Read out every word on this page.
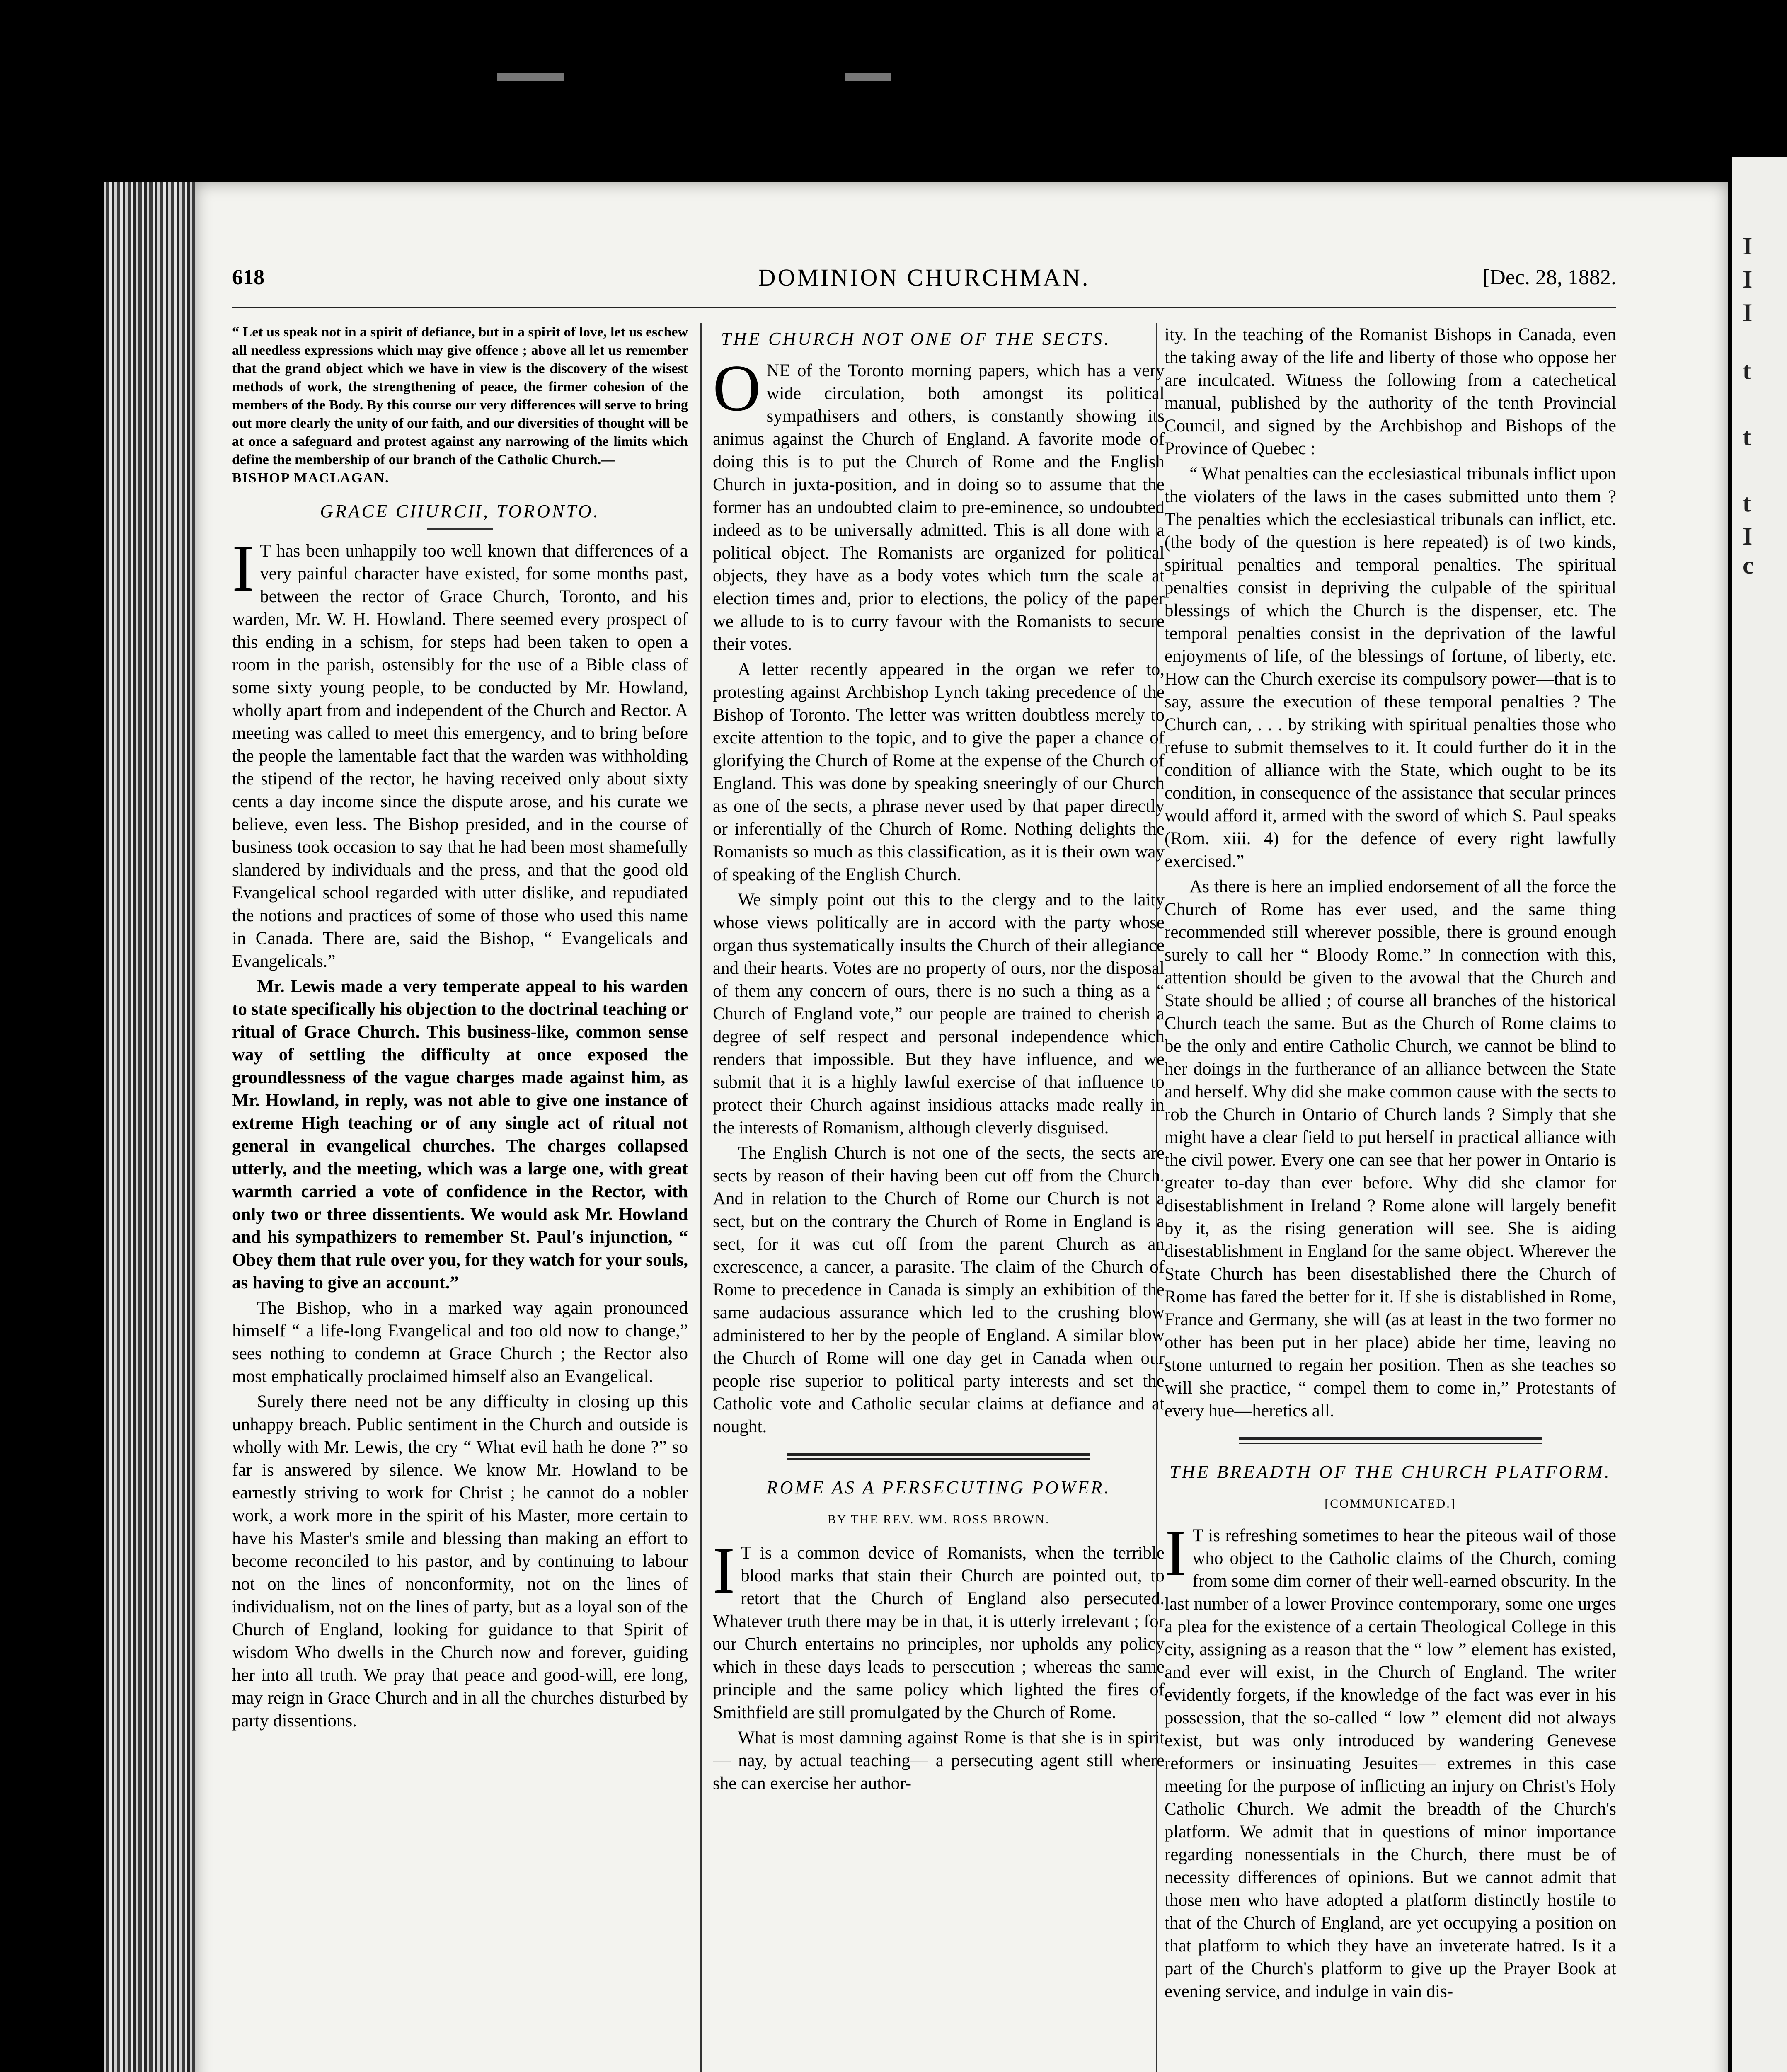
I
I
I
t
t
t
I
c
618	DOMINION CHURCHMAN.	[Dec. 28, 1882.
“ Let us speak not in a spirit of defiance, but in a spirit of love, let us eschew all needless expressions which may give offence ; above all let us remember that the grand object which we have in view is the discovery of the wisest methods of work, the strengthening of peace, the firmer cohesion of the members of the Body. By this course our very differences will serve to bring out more clearly the unity of our faith, and our diversities of thought will be at once a safeguard and protest against any narrowing of the limits which define the membership of our branch of the Catholic Church.—
BISHOP MACLAGAN.
GRACE CHURCH, TORONTO.

I T has been unhappily too well known that differences of a very painful character have existed, for some months past, between the rector of Grace Church, Toronto, and his warden, Mr. W. H. Howland. There seemed every prospect of this ending in a schism, for steps had been taken to open a room in the parish, ostensibly for the use of a Bible class of some sixty young people, to be conducted by Mr. Howland, wholly apart from and independent of the Church and Rector. A meeting was called to meet this emergency, and to bring before the people the lamentable fact that the warden was withholding the stipend of the rector, he having received only about sixty cents a day income since the dispute arose, and his curate we believe, even less. The Bishop presided, and in the course of business took occasion to say that he had been most shamefully slandered by individuals and the press, and that the good old Evangelical school regarded with utter dislike, and repudiated the notions and practices of some of those who used this name in Canada. There are, said the Bishop, “ Evangelicals and Evangelicals.”

Mr. Lewis made a very temperate appeal to his warden to state specifically his objection to the doctrinal teaching or ritual of Grace Church. This business-like, common sense way of settling the difficulty at once exposed the groundlessness of the vague charges made against him, as Mr. Howland, in reply, was not able to give one instance of extreme High teaching or of any single act of ritual not general in evangelical churches. The charges collapsed utterly, and the meeting, which was a large one, with great warmth carried a vote of confidence in the Rector, with only two or three dissentients. We would ask Mr. Howland and his sympathizers to remember St. Paul's injunction, “ Obey them that rule over you, for they watch for your souls, as having to give an account.”

The Bishop, who in a marked way again pronounced himself “ a life-long Evangelical and too old now to change,” sees nothing to condemn at Grace Church ; the Rector also most emphatically proclaimed himself also an Evangelical.

Surely there need not be any difficulty in closing up this unhappy breach. Public sentiment in the Church and outside is wholly with Mr. Lewis, the cry “ What evil hath he done ?” so far is answered by silence. We know Mr. Howland to be earnestly striving to work for Christ ; he cannot do a nobler work, a work more in the spirit of his Master, more certain to have his Master's smile and blessing than making an effort to become reconciled to his pastor, and by continuing to labour not on the lines of nonconformity, not on the lines of individualism, not on the lines of party, but as a loyal son of the Church of England, looking for guidance to that Spirit of wisdom Who dwells in the Church now and forever, guiding her into all truth. We pray that peace and good-will, ere long, may reign in Grace Church and in all the churches disturbed by party dissentions.

THE CHURCH NOT ONE OF THE SECTS.

ONE of the Toronto morning papers, which has a very wide circulation, both amongst its political sympathisers and others, is constantly showing its animus against the Church of England. A favorite mode of doing this is to put the Church of Rome and the English Church in juxta-position, and in doing so to assume that the former has an undoubted claim to pre-eminence, so undoubted indeed as to be universally admitted. This is all done with a political object. The Romanists are organized for political objects, they have as a body votes which turn the scale at election times and, prior to elections, the policy of the paper we allude to is to curry favour with the Romanists to secure their votes.

A letter recently appeared in the organ we refer to, protesting against Archbishop Lynch taking precedence of the Bishop of Toronto. The letter was written doubtless merely to excite attention to the topic, and to give the paper a chance of glorifying the Church of Rome at the expense of the Church of England. This was done by speaking sneeringly of our Church as one of the sects, a phrase never used by that paper directly or inferentially of the Church of Rome. Nothing delights the Romanists so much as this classification, as it is their own way of speaking of the English Church.

We simply point out this to the clergy and to the laity whose views politically are in accord with the party whose organ thus systematically insults the Church of their allegiance and their hearts. Votes are no property of ours, nor the disposal of them any concern of ours, there is no such a thing as a “ Church of England vote,” our people are trained to cherish a degree of self respect and personal independence which renders that impossible. But they have influence, and we submit that it is a highly lawful exercise of that influence to protect their Church against insidious attacks made really in the interests of Romanism, although cleverly disguised.

The English Church is not one of the sects, the sects are sects by reason of their having been cut off from the Church. And in relation to the Church of Rome our Church is not a sect, but on the contrary the Church of Rome in England is a sect, for it was cut off from the parent Church as an excrescence, a cancer, a parasite. The claim of the Church of Rome to precedence in Canada is simply an exhibition of the same audacious assurance which led to the crushing blow administered to her by the people of England. A similar blow the Church of Rome will one day get in Canada when our people rise superior to political party interests and set the Catholic vote and Catholic secular claims at defiance and at nought.

ROME AS A PERSECUTING POWER.
BY THE REV. WM. ROSS BROWN.

I T is a common device of Romanists, when the terrible blood marks that stain their Church are pointed out, to retort that the Church of England also persecuted. Whatever truth there may be in that, it is utterly irrelevant ; for our Church entertains no principles, nor upholds any policy which in these days leads to persecution ; whereas the same principle and the same policy which lighted the fires of Smithfield are still promulgated by the Church of Rome.

What is most damning against Rome is that she is in spirit— nay, by actual teaching— a persecuting agent still where she can exercise her author-

ity. In the teaching of the Romanist Bishops in Canada, even the taking away of the life and liberty of those who oppose her are inculcated. Witness the following from a catechetical manual, published by the authority of the tenth Provincial Council, and signed by the Archbishop and Bishops of the Province of Quebec :

“ What penalties can the ecclesiastical tribunals inflict upon the violaters of the laws in the cases submitted unto them ? The penalties which the ecclesiastical tribunals can inflict, etc. (the body of the question is here repeated) is of two kinds, spiritual penalties and temporal penalties. The spiritual penalties consist in depriving the culpable of the spiritual blessings of which the Church is the dispenser, etc. The temporal penalties consist in the deprivation of the lawful enjoyments of life, of the blessings of fortune, of liberty, etc. How can the Church exercise its compulsory power—that is to say, assure the execution of these temporal penalties ? The Church can, . . . by striking with spiritual penalties those who refuse to submit themselves to it. It could further do it in the condition of alliance with the State, which ought to be its condition, in consequence of the assistance that secular princes would afford it, armed with the sword of which S. Paul speaks (Rom. xiii. 4) for the defence of every right lawfully exercised.”

As there is here an implied endorsement of all the force the Church of Rome has ever used, and the same thing recommended still wherever possible, there is ground enough surely to call her “ Bloody Rome.” In connection with this, attention should be given to the avowal that the Church and State should be allied ; of course all branches of the historical Church teach the same. But as the Church of Rome claims to be the only and entire Catholic Church, we cannot be blind to her doings in the furtherance of an alliance between the State and herself. Why did she make common cause with the sects to rob the Church in Ontario of Church lands ? Simply that she might have a clear field to put herself in practical alliance with the civil power. Every one can see that her power in Ontario is greater to-day than ever before. Why did she clamor for disestablishment in Ireland ? Rome alone will largely benefit by it, as the rising generation will see. She is aiding disestablishment in England for the same object. Wherever the State Church has been disestablished there the Church of Rome has fared the better for it. If she is distablished in Rome, France and Germany, she will (as at least in the two former no other has been put in her place) abide her time, leaving no stone unturned to regain her position. Then as she teaches so will she practice, “ compel them to come in,” Protestants of every hue—heretics all.

THE BREADTH OF THE CHURCH PLATFORM.
[COMMUNICATED.]

I T is refreshing sometimes to hear the piteous wail of those who object to the Catholic claims of the Church, coming from some dim corner of their well-earned obscurity. In the last number of a lower Province contemporary, some one urges a plea for the existence of a certain Theological College in this city, assigning as a reason that the “ low ” element has existed, and ever will exist, in the Church of England. The writer evidently forgets, if the knowledge of the fact was ever in his possession, that the so-called “ low ” element did not always exist, but was only introduced by wandering Genevese reformers or insinuating Jesuites— extremes in this case meeting for the purpose of inflicting an injury on Christ's Holy Catholic Church. We admit the breadth of the Church's platform. We admit that in questions of minor importance regarding nonessentials in the Church, there must be of necessity differences of opinions. But we cannot admit that those men who have adopted a platform distinctly hostile to that of the Church of England, are yet occupying a position on that platform to which they have an inveterate hatred. Is it a part of the Church's platform to give up the Prayer Book at evening service, and indulge in vain dis-
